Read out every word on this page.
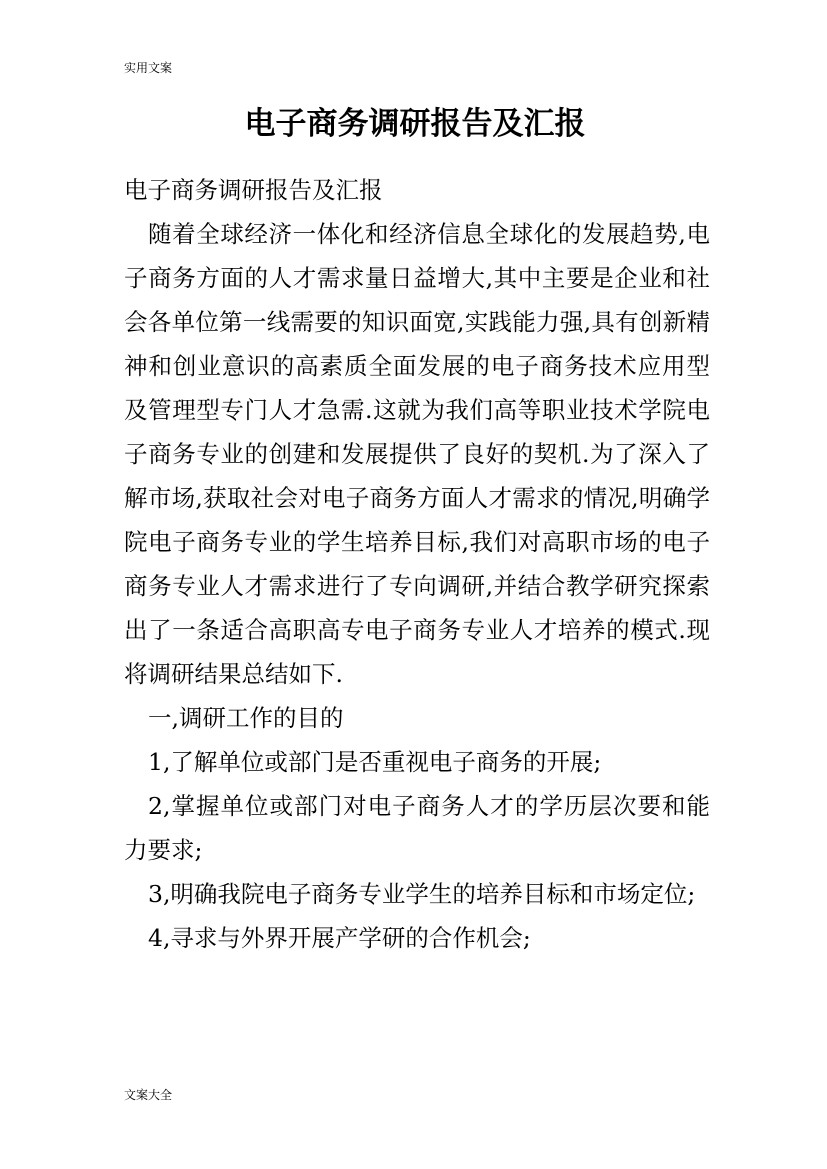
实用文案
电子商务调研报告及汇报

电子商务调研报告及汇报

随着全球经济一体化和经济信息全球化的发展趋势,电子商务方面的人才需求量日益增大,其中主要是企业和社会各单位第一线需要的知识面宽,实践能力强,具有创新精神和创业意识的高素质全面发展的电子商务技术应用型及管理型专门人才急需.这就为我们高等职业技术学院电子商务专业的创建和发展提供了良好的契机.为了深入了解市场,获取社会对电子商务方面人才需求的情况,明确学院电子商务专业的学生培养目标,我们对高职市场的电子商务专业人才需求进行了专向调研,并结合教学研究探索出了一条适合高职高专电子商务专业人才培养的模式.现将调研结果总结如下.

一,调研工作的目的

1,了解单位或部门是否重视电子商务的开展;

2,掌握单位或部门对电子商务人才的学历层次要和能力要求;

3,明确我院电子商务专业学生的培养目标和市场定位;

4,寻求与外界开展产学研的合作机会;

文案大全
